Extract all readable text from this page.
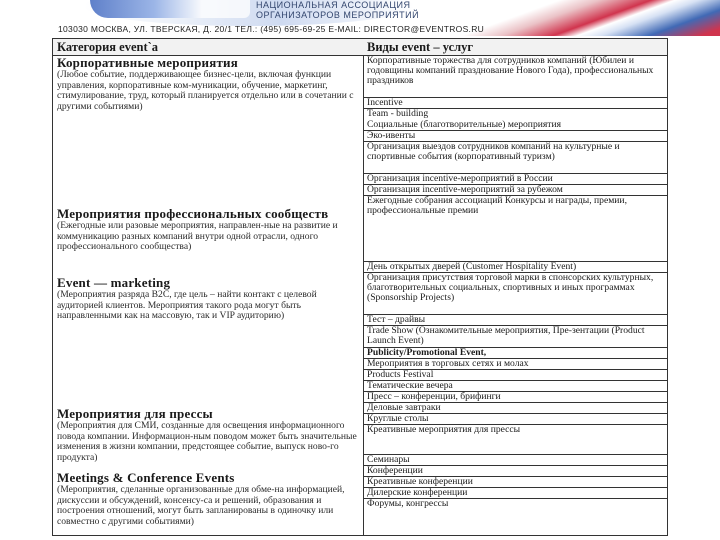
НАЦИОНАЛЬНАЯ АССОЦИАЦИЯ
ОРГАНИЗАТОРОВ МЕРОПРИЯТИЙ
103030 МОСКВА, УЛ. ТВЕРСКАЯ, Д. 20/1 ТЕЛ.: (495) 695-69-25 E-MAIL: DIRECTOR@EVENTROS.RU
Категория event`а
Корпоративные мероприятия
(Любое событие, поддерживающее бизнес-цели, включая функции управления, корпоративные ком-муникации, обучение, маркетинг, стимулирование, труд, который планируется отдельно или в сочетании с другими событиями)
Мероприятия профессиональных сообществ
(Ежегодные или разовые мероприятия, направлен-ные на развитие и коммуникацию разных компаний внутри одной отрасли, одного профессионального сообщества)
Event — marketing
(Мероприятия разряда B2C, где цель – найти контакт с целевой аудиторией клиентов. Мероприятия такого рода могут быть направленными как на массовую, так и VIP аудиторию)
Мероприятия для прессы
(Мероприятия для СМИ, созданные для освещения информационного повода компании. Информацион-ным поводом может быть значительные изменения в жизни компании, предстоящее событие, выпуск ново-го продукта)
Meetings & Conference Events
(Мероприятия, сделанные организованные для обме-на информацией, дискуссии и обсуждений, консенсу-са и решений, образования и построения отношений, могут быть запланированы в одиночку или совместно с другими событиями)
Виды event – услуг
Корпоративные торжества для сотрудников компаний (Юбилеи и годовщины компаний празднование Нового Года), профессиональных праздников
Incentive
Team - building
Социальные (благотворительные) мероприятия
Эко-ивенты
Организация выездов сотрудников компаний на культурные и спортивные события (корпоративный туризм)
Организация incentive-мероприятий в России
Организация incentive-мероприятий за рубежом
Ежегодные собрания ассоциаций Конкурсы и награды, премии, профессиональные премии
День открытых дверей (Customer Hospitality Event)
Организация присутствия торговой марки в спонсорских культурных, благотворительных социальных, спортивных и иных программах (Sponsorship Projects)
Тест – драйвы
Trade Show (Ознакомительные мероприятия, Пре-зентации (Product Launch Event)
Publicity/Promotional Event,
Мероприятия в торговых сетях и молах
Products Festival
Тематические вечера
Пресс – конференции, брифинги
Деловые завтраки
Круглые столы
Креативные мероприятия для прессы
Семинары
Конференции
Креативные конференции
Дилерские конференции
Форумы, конгрессы
